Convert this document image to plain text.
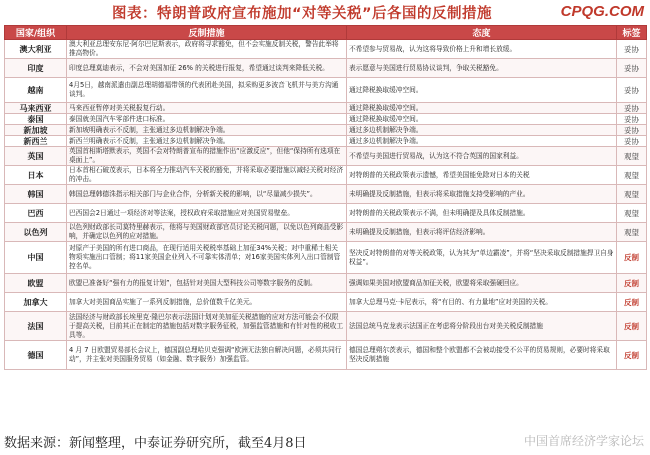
图表：特朗普政府宣布施加“对等关税”后各国的反制措施	CPQG.COM
国家/组织	反制措施	态度	标签
澳大利亚	澳大利亚总理安东尼·阿尔巴尼斯表示，政府将寻求豁免，但不会实施反制关税，警告此举将推高物价。	不希望参与贸易战，认为这将导致价格上升和增长放缓。	妥协
印度	印度总理莫迪表示，不会对美国加征 26% 的关税进行报复，希望通过谈判来降低关税。	表示愿意与美国进行贸易协议谈判，争取关税豁免。	妥协
越南	4月5日，越南派遣由副总理胡德福带领的代表团赴美国，拟采购更多波音飞机并与美方沟通谈判。	通过降税换取缓冲空间。	妥协
马来西亚	马来西亚暂停对美关税报复行动。	通过降税换取缓冲空间。	妥协
泰国	泰国就美国汽车零部件进口标准。	通过降税换取缓冲空间。	妥协
新加坡	新加坡明确表示不反制，主张通过多边机制解决争端。	通过多边机制解决争端。	妥协
新西兰	新西兰明确表示不反制，主张通过多边机制解决争端。	通过多边机制解决争端。	妥协
英国	英国首相斯塔默表示，英国不会对特朗普宣布的措施作出“应激反应”，但他“保持所有选项在桌面上”。	不希望与美国进行贸易战，认为这不符合英国的国家利益。	观望
日本	日本首相石破茂表示，日本将全力推动汽车关税的豁免，并将采取必要措施以减轻关税对经济的冲击。	对特朗普的关税政策表示遗憾，希望美国能免除对日本的关税	观望
韩国	韩国总理韩德洙指示相关部门与企业合作，分析新关税的影响，以“尽量减少损失”。	未明确提及反制措施，但表示将采取措施支持受影响的产业。	观望
巴西	巴西国会2日通过一项经济对等法案，授权政府采取措施应对美国贸易壁垒。	对特朗普的关税政策表示不满，但未明确提及具体反制措施。	观望
以色列	以色列财政部长司莫特里赫表示，他将与美国财政部官员讨论关税问题，以免以色列商品受影响，并确定以色列的应对措施。	未明确提及反制措施，但表示将评估经济影响。	观望
中国	对原产于美国的所有进口商品，在现行适用关税税率基础上加征34%关税；对中重稀土相关物项实施出口管制；将11家美国企业列入不可靠实体清单；对16家美国实体列入出口管制管控名单。	坚决反对特朗普的对等关税政策，认为其为“单边霸凌”，并将“坚决采取反制措施捍卫自身权益”。	反制
欧盟	欧盟已准备好“强有力的报复计划”，包括针对美国大型科技公司等数字服务的反制。	强调如果美国对欧盟商品加征关税，欧盟将采取强硬回应。	反制
加拿大	加拿大对美国商品实施了一系列反制措施，总价值数千亿美元。	加拿大总理马克·卡尼表示，将“有目的、有力量地”应对美国的关税。	反制
法国	法国经济与财政部长埃里克·隆巴尔表示法国计划对美加征关税措施的应对方法可能会不仅限于提高关税，目前其正在制定的措施包括对数字服务征税，加强监管措施和有针对性的税收工具等。	法国总统马克龙表示法国正在考虑将分阶段出台对美关税反制措施	反制
德国	4 月 7 日欧盟贸易部长会议上，德国副总理哈贝克强调“欧洲无法独自解决问题，必须共同行动”，并主张对美国服务贸易（如金融、数字服务）加强监管。	德国总理朔尔茨表示，德国和整个欧盟都不会被动接受不公平的贸易规则，必要时将采取坚决反制措施	反制
数据来源：新闻整理，中泰证券研究所，截至4月8日	中国首席经济学家论坛
